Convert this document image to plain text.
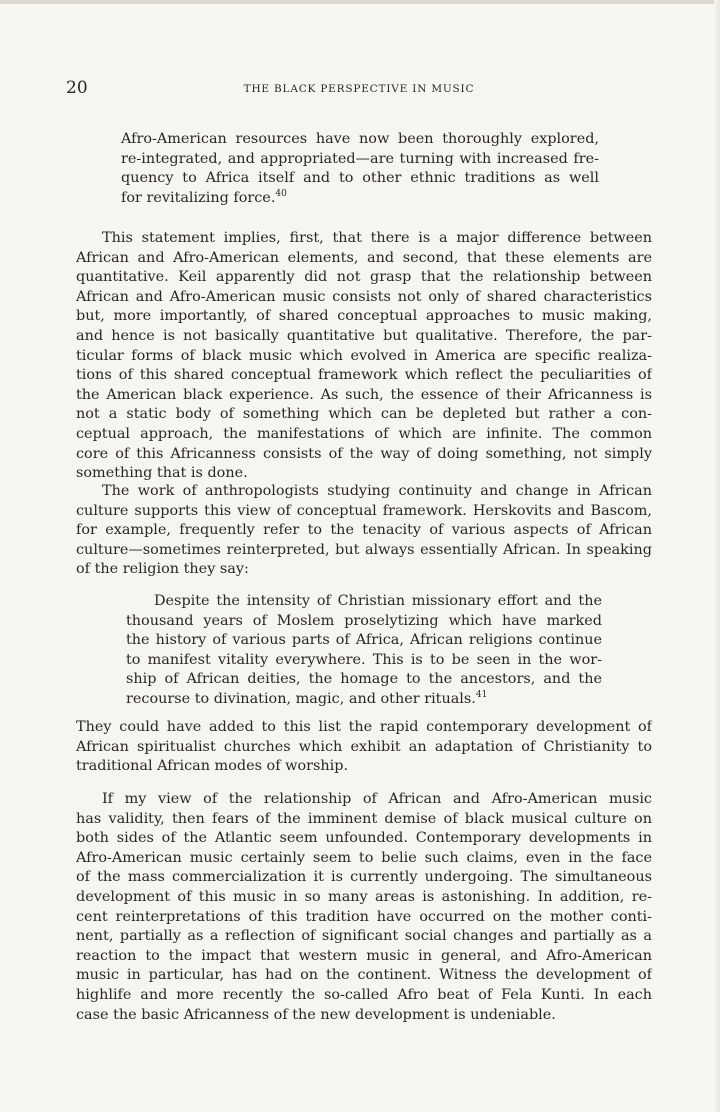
20	THE BLACK PERSPECTIVE IN MUSIC
Afro-American resources have now been thoroughly explored,
re-integrated, and appropriated—are turning with increased fre-
quency to Africa itself and to other ethnic traditions as well
for revitalizing force.$^{40}$
This statement implies, first, that there is a major difference between
African and Afro-American elements, and second, that these elements are
quantitative. Keil apparently did not grasp that the relationship between
African and Afro-American music consists not only of shared characteristics
but, more importantly, of shared conceptual approaches to music making,
and hence is not basically quantitative but qualitative. Therefore, the par-
ticular forms of black music which evolved in America are specific realiza-
tions of this shared conceptual framework which reflect the peculiarities of
the American black experience. As such, the essence of their Africanness is
not a static body of something which can be depleted but rather a con-
ceptual approach, the manifestations of which are infinite. The common
core of this Africanness consists of the way of doing something, not simply
something that is done.
The work of anthropologists studying continuity and change in African
culture supports this view of conceptual framework. Herskovits and Bascom,
for example, frequently refer to the tenacity of various aspects of African
culture—sometimes reinterpreted, but always essentially African. In speaking
of the religion they say:
Despite the intensity of Christian missionary effort and the
thousand years of Moslem proselytizing which have marked
the history of various parts of Africa, African religions continue
to manifest vitality everywhere. This is to be seen in the wor-
ship of African deities, the homage to the ancestors, and the
recourse to divination, magic, and other rituals.$^{41}$
They could have added to this list the rapid contemporary development of
African spiritualist churches which exhibit an adaptation of Christianity to
traditional African modes of worship.
If my view of the relationship of African and Afro-American music
has validity, then fears of the imminent demise of black musical culture on
both sides of the Atlantic seem unfounded. Contemporary developments in
Afro-American music certainly seem to belie such claims, even in the face
of the mass commercialization it is currently undergoing. The simultaneous
development of this music in so many areas is astonishing. In addition, re-
cent reinterpretations of this tradition have occurred on the mother conti-
nent, partially as a reflection of significant social changes and partially as a
reaction to the impact that western music in general, and Afro-American
music in particular, has had on the continent. Witness the development of
highlife and more recently the so-called Afro beat of Fela Kunti. In each
case the basic Africanness of the new development is undeniable.
